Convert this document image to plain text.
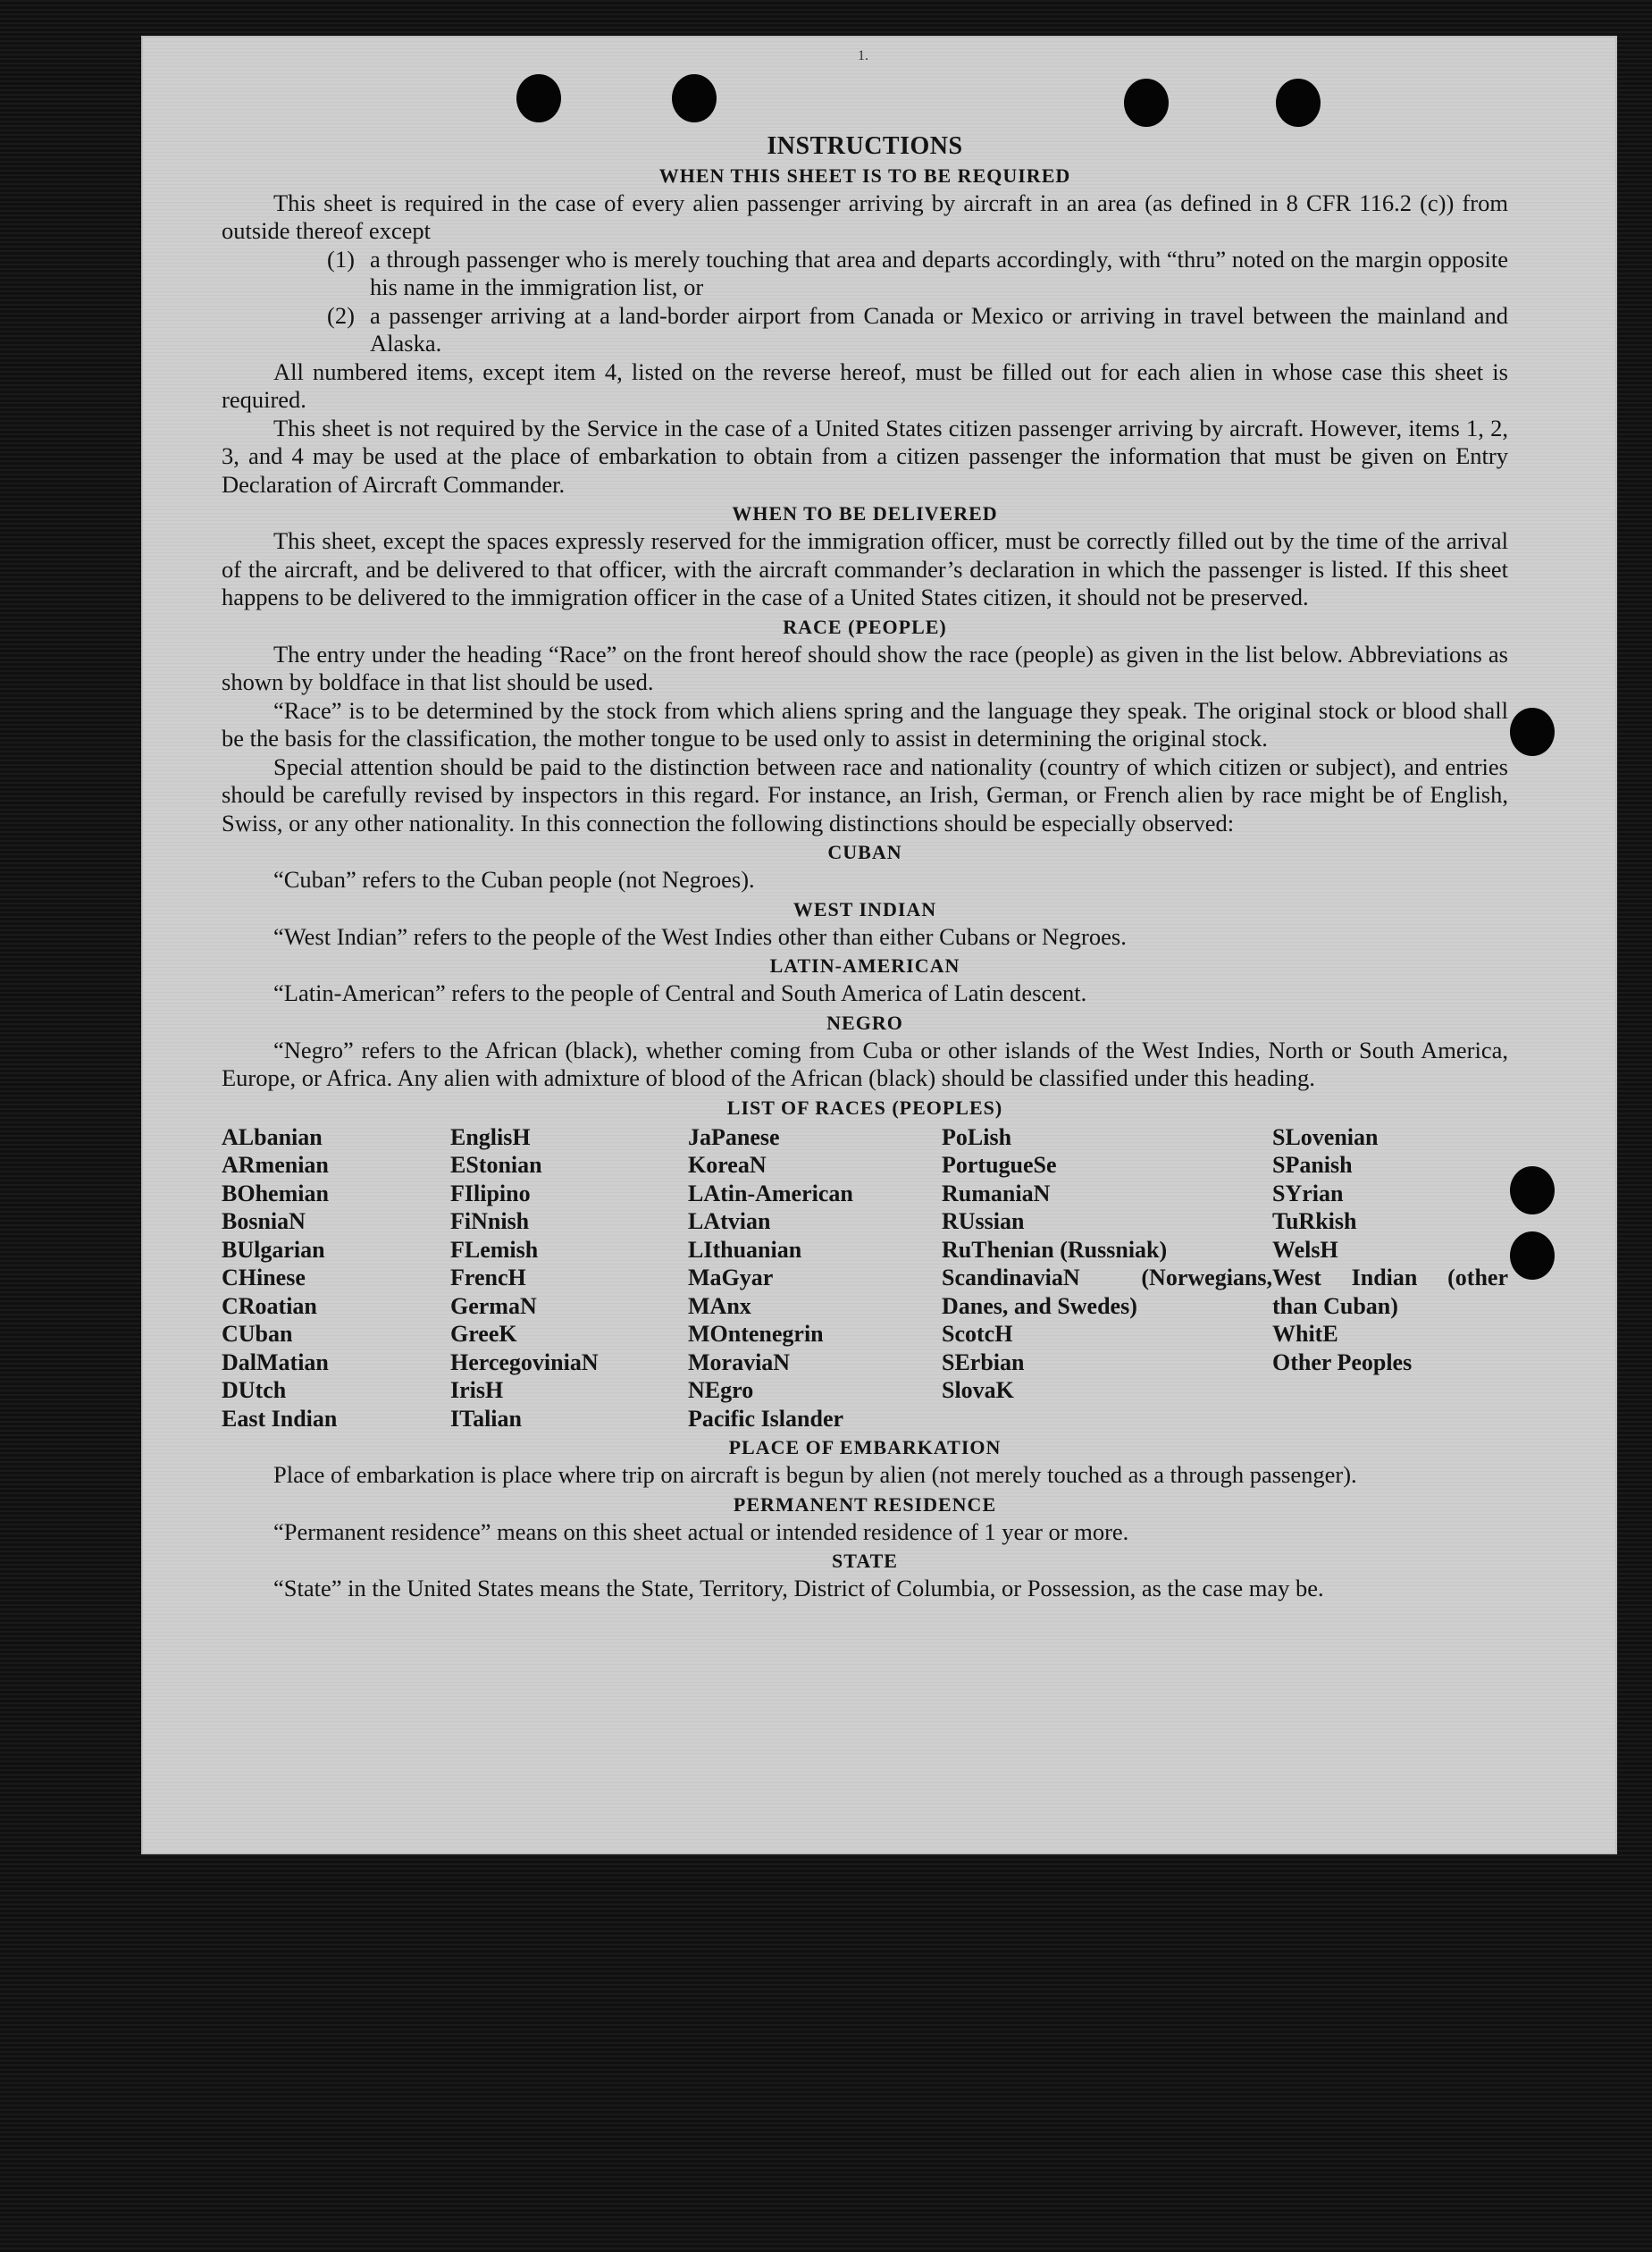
1.
INSTRUCTIONS
WHEN THIS SHEET IS TO BE REQUIRED

This sheet is required in the case of every alien passenger arriving by aircraft in an area (as defined in 8 CFR 116.2 (c)) from outside thereof except

(1) a through passenger who is merely touching that area and departs accordingly, with “thru” noted on the margin opposite his name in the immigration list, or
(2) a passenger arriving at a land-border airport from Canada or Mexico or arriving in travel between the mainland and Alaska.

All numbered items, except item 4, listed on the reverse hereof, must be filled out for each alien in whose case this sheet is required.

This sheet is not required by the Service in the case of a United States citizen passenger arriving by aircraft. However, items 1, 2, 3, and 4 may be used at the place of embarkation to obtain from a citizen passenger the information that must be given on Entry Declaration of Aircraft Commander.

WHEN TO BE DELIVERED

This sheet, except the spaces expressly reserved for the immigration officer, must be correctly filled out by the time of the arrival of the aircraft, and be delivered to that officer, with the aircraft commander’s declaration in which the passenger is listed. If this sheet happens to be delivered to the immigration officer in the case of a United States citizen, it should not be preserved.

RACE (PEOPLE)

The entry under the heading “Race” on the front hereof should show the race (people) as given in the list below. Abbreviations as shown by boldface in that list should be used.

“Race” is to be determined by the stock from which aliens spring and the language they speak. The original stock or blood shall be the basis for the classification, the mother tongue to be used only to assist in determining the original stock.

Special attention should be paid to the distinction between race and nationality (country of which citizen or subject), and entries should be carefully revised by inspectors in this regard. For instance, an Irish, German, or French alien by race might be of English, Swiss, or any other nationality. In this connection the following distinctions should be especially observed:

CUBAN

“Cuban” refers to the Cuban people (not Negroes).

WEST INDIAN

“West Indian” refers to the people of the West Indies other than either Cubans or Negroes.

LATIN-AMERICAN

“Latin-American” refers to the people of Central and South America of Latin descent.

NEGRO

“Negro” refers to the African (black), whether coming from Cuba or other islands of the West Indies, North or South America, Europe, or Africa. Any alien with admixture of blood of the African (black) should be classified under this heading.

LIST OF RACES (PEOPLES)
ALbanian
ARmenian
BOhemian
BosniaN
BUlgarian
CHinese
CRoatian
CUban
DalMatian
DUtch
East Indian
EnglisH
EStonian
FIlipino
FiNnish
FLemish
FrencH
GermaN
GreeK
HercegoviniaN
IrisH
ITalian
JaPanese
KoreaN
LAtin-American
LAtvian
LIthuanian
MaGyar
MAnx
MOntenegrin
MoraviaN
NEgro
Pacific Islander
PoLish
PortugueSe
RumaniaN
RUssian
RuThenian (Russniak)
ScandinaviaN (Norwegians, Danes, and Swedes)
ScotcH
SErbian
SlovaK
SLovenian
SPanish
SYrian
TuRkish
WelsH
West Indian (other than Cuban)
WhitE
Other Peoples
PLACE OF EMBARKATION

Place of embarkation is place where trip on aircraft is begun by alien (not merely touched as a through passenger).

PERMANENT RESIDENCE

“Permanent residence” means on this sheet actual or intended residence of 1 year or more.

STATE

“State” in the United States means the State, Territory, District of Columbia, or Possession, as the case may be.
